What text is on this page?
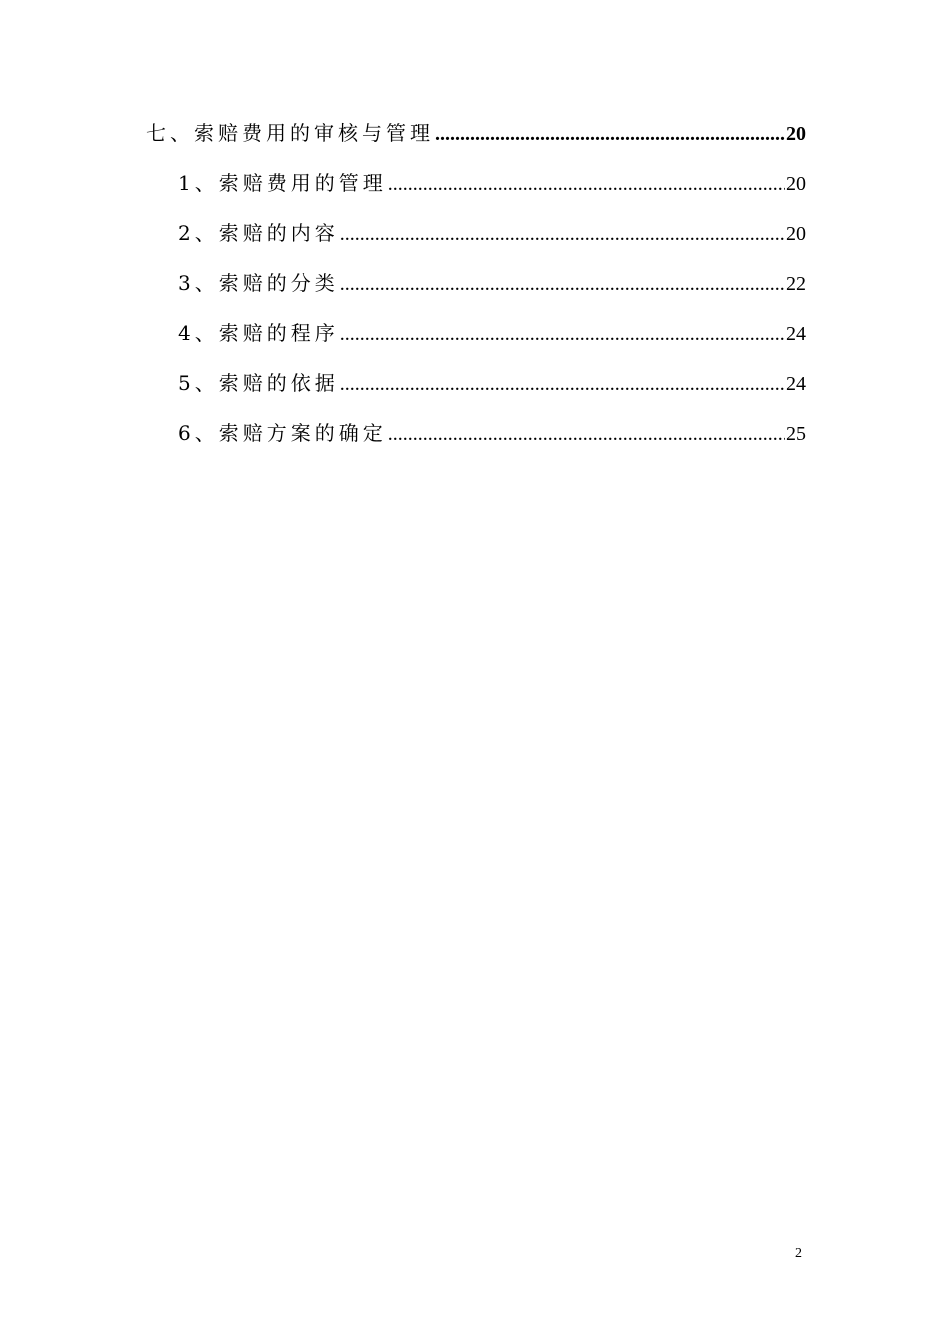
七、索赔费用的审核与管理 .....	20
1、索赔费用的管理 .....	20
2、索赔的内容 .....	20
3、索赔的分类 .....	22
4、索赔的程序 .....	24
5、索赔的依据 .....	24
6、索赔方案的确定 .....	25
2
